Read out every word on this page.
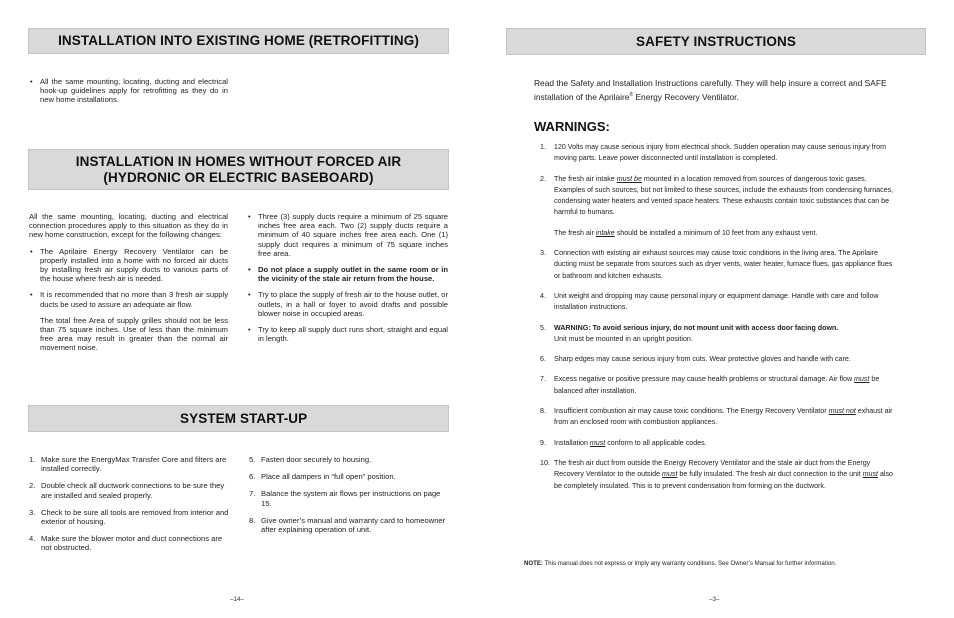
INSTALLATION INTO EXISTING HOME (RETROFITTING)
• All the same mounting, locating, ducting and electrical hook-up guidelines apply for retrofitting as they do in new home installations.
INSTALLATION IN HOMES WITHOUT FORCED AIR
(HYDRONIC OR ELECTRIC BASEBOARD)

All the same mounting, locating, ducting and electrical connection procedures apply to this situation as they do in new home construction, except for the following changes:

• The Aprilaire Energy Recovery Ventilator can be properly installed into a home with no forced air ducts by installing fresh air supply ducts to various parts of the house where fresh air is needed.
• It is recommended that no more than 3 fresh air supply ducts be used to assure an adequate air flow.

The total free Area of supply grilles should not be less than 75 square inches. Use of less than the minimum free area may result in greater than the normal air movement noise.

• Three (3) supply ducts require a minimum of 25 square inches free area each. Two (2) supply ducts require a minimum of 40 square inches free area each. One (1) supply duct requires a minimum of 75 square inches free area.
• Do not place a supply outlet in the same room or in the vicinity of the stale air return from the house.
• Try to place the supply of fresh air to the house outlet, or outlets, in a hall or foyer to avoid drafts and possible blower noise in occupied areas.
• Try to keep all supply duct runs short, straight and equal in length.
SYSTEM START-UP
1. Make sure the EnergyMax Transfer Core and filters are installed correctly.
2. Double check all ductwork connections to be sure they are installed and sealed properly.
3. Check to be sure all tools are removed from interior and exterior of housing.
4. Make sure the blower motor and duct connections are not obstructed.
5. Fasten door securely to housing.
6. Place all dampers in “full open” position.
7. Balance the system air flows per instructions on page 15.
8. Give owner’s manual and warranty card to homeowner after explaining operation of unit.
–14–
SAFETY INSTRUCTIONS
Read the Safety and Installation Instructions carefully. They will help insure a correct and SAFE installation of the Aprilaire® Energy Recovery Ventilator.
WARNINGS:
1. 120 Volts may cause serious injury from electrical shock. Sudden operation may cause serious injury from moving parts. Leave power disconnected until installation is completed.
2. The fresh air intake must be mounted in a location removed from sources of dangerous toxic gases. Examples of such sources, but not limited to these sources, include the exhausts from condensing furnaces, condensing water heaters and vented space heaters. These exhausts contain toxic substances that can be harmful to humans.
The fresh air intake should be installed a minimum of 10 feet from any exhaust vent.
3. Connection with existing air exhaust sources may cause toxic conditions in the living area. The Aprilaire ducting must be separate from sources such as dryer vents, water heater, furnace flues, gas appliance flues or bathroom and kitchen exhausts.
4. Unit weight and dropping may cause personal injury or equipment damage. Handle with care and follow installation instructions.
5. WARNING: To avoid serious injury, do not mount unit with access door facing down.
Unit must be mounted in an upright position.
6. Sharp edges may cause serious injury from cuts. Wear protective gloves and handle with care.
7. Excess negative or positive pressure may cause health problems or structural damage. Air flow must be balanced after installation.
8. Insufficient combustion air may cause toxic conditions. The Energy Recovery Ventilator must not exhaust air from an enclosed room with combustion appliances.
9. Installation must conform to all applicable codes.
10. The fresh air duct from outside the Energy Recovery Ventilator and the stale air duct from the Energy Recovery Ventilator to the outside must be fully insulated. The fresh air duct connection to the unit must also be completely insulated. This is to prevent condensation from forming on the ductwork.
NOTE: This manual does not express or imply any warranty conditions. See Owner’s Manual for further information.
–3–
